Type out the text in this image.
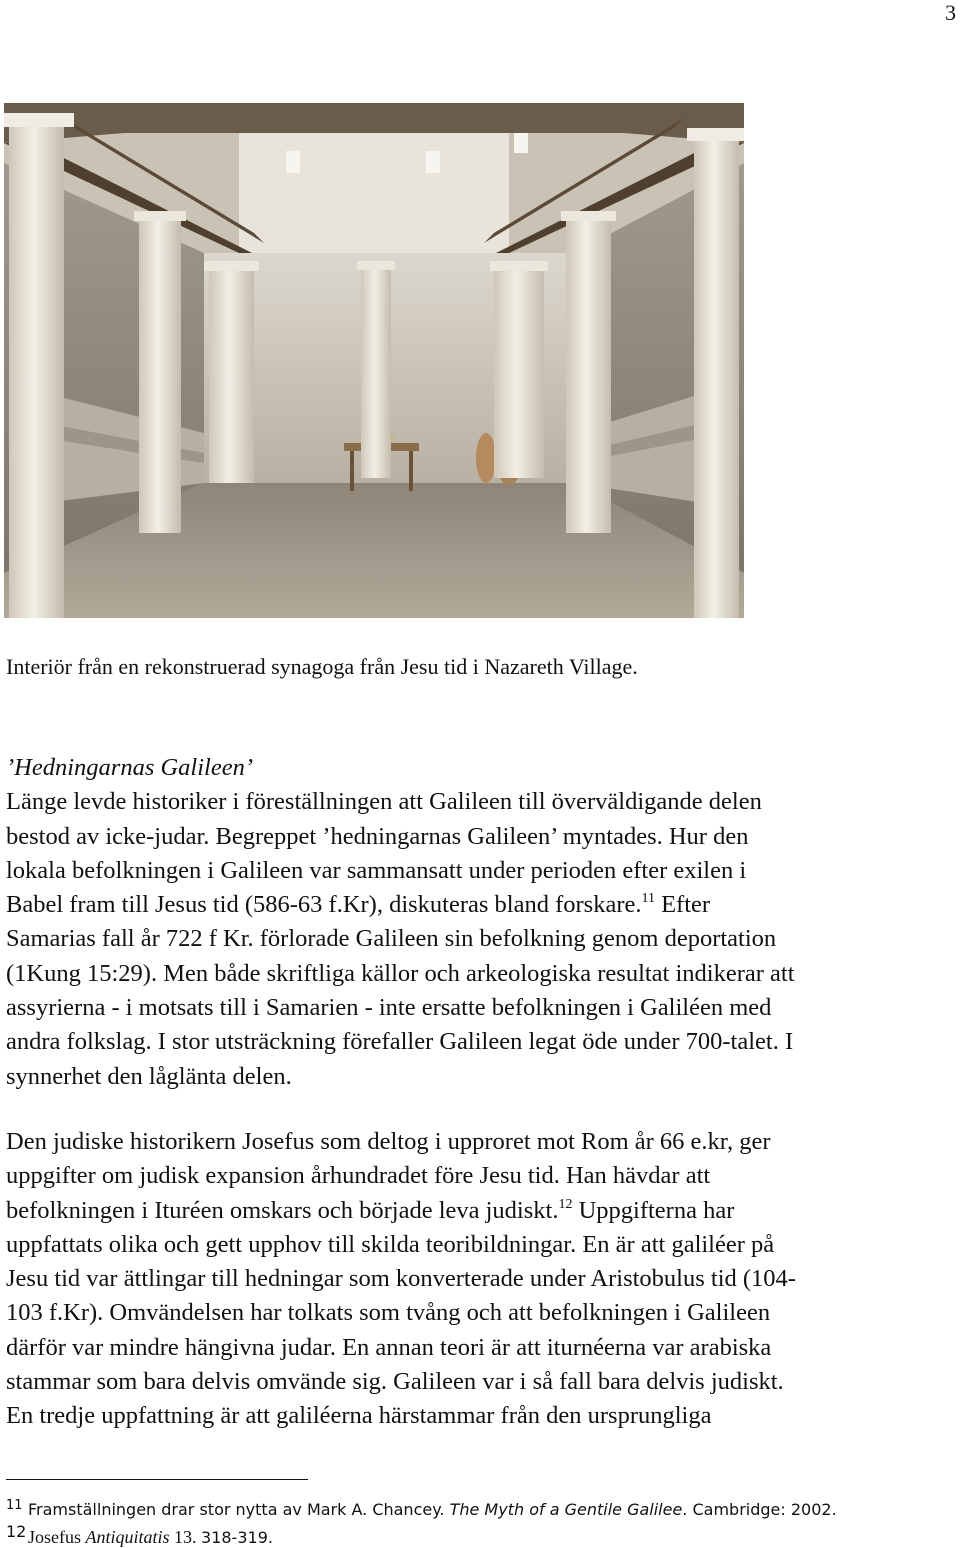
3
Interiör från en rekonstruerad synagoga från Jesu tid i Nazareth Village.
’Hedningarnas Galileen’
Länge levde historiker i föreställningen att Galileen till överväldigande delen
bestod av icke-judar. Begreppet ’hedningarnas Galileen’ myntades. Hur den
lokala befolkningen i Galileen var sammansatt under perioden efter exilen i
Babel fram till Jesus tid (586-63 f.Kr), diskuteras bland forskare.$^{11}$ Efter
Samarias fall år 722 f Kr. förlorade Galileen sin befolkning genom deportation
(1Kung 15:29). Men både skriftliga källor och arkeologiska resultat indikerar att
assyrierna - i motsats till i Samarien - inte ersatte befolkningen i Galiléen med
andra folkslag. I stor utsträckning förefaller Galileen legat öde under 700-talet. I
synnerhet den låglänta delen.
Den judiske historikern Josefus som deltog i upproret mot Rom år 66 e.kr, ger
uppgifter om judisk expansion århundradet före Jesu tid. Han hävdar att
befolkningen i Ituréen omskars och började leva judiskt.$^{12}$ Uppgifterna har
uppfattats olika och gett upphov till skilda teoribildningar. En är att galiléer på
Jesu tid var ättlingar till hedningar som konverterade under Aristobulus tid (104-
103 f.Kr). Omvändelsen har tolkats som tvång och att befolkningen i Galileen
därför var mindre hängivna judar. En annan teori är att iturnéerna var arabiska
stammar som bara delvis omvände sig. Galileen var i så fall bara delvis judiskt.
En tredje uppfattning är att galiléerna härstammar från den ursprungliga
11 Framställningen drar stor nytta av Mark A. Chancey. The Myth of a Gentile Galilee. Cambridge: 2002.
12Josefus Antiquitatis 13. 318-319.
